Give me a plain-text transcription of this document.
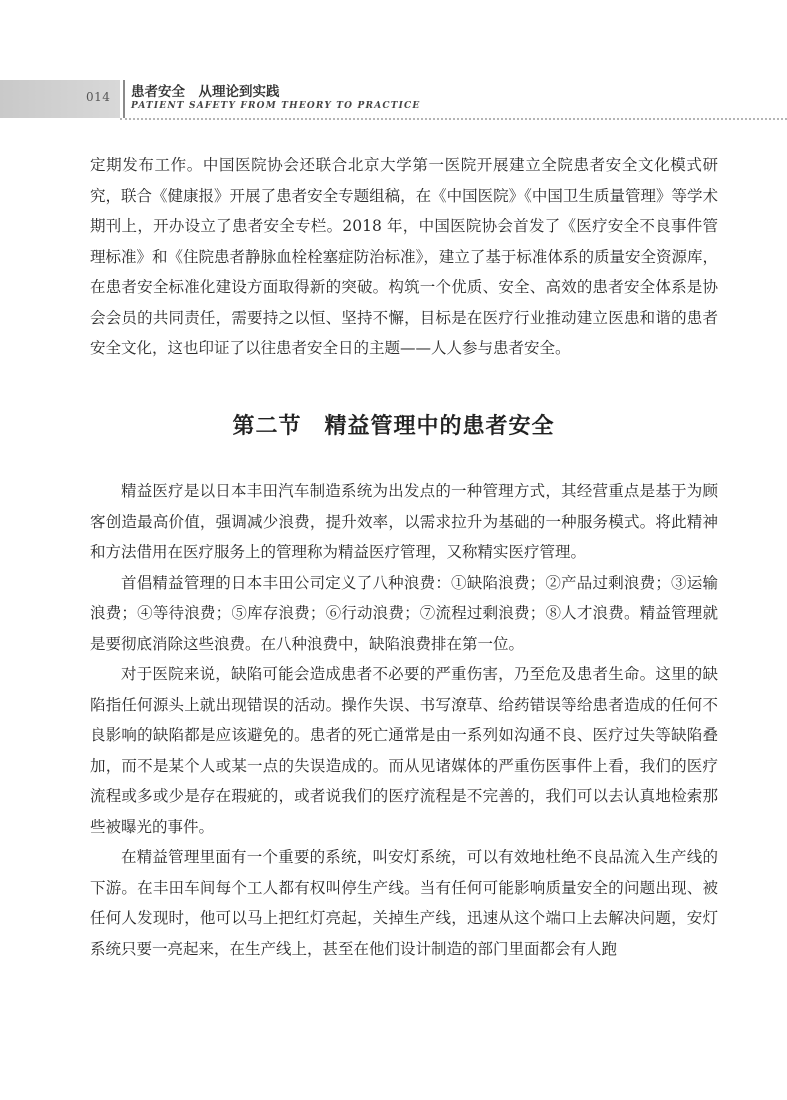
014	患者安全　从理论到实践
PATIENT SAFETY FROM THEORY TO PRACTICE

定期发布工作。中国医院协会还联合北京大学第一医院开展建立全院患者安全文化模式研究，联合《健康报》开展了患者安全专题组稿，在《中国医院》《中国卫生质量管理》等学术期刊上，开办设立了患者安全专栏。2018 年，中国医院协会首发了《医疗安全不良事件管理标准》和《住院患者静脉血栓栓塞症防治标准》，建立了基于标准体系的质量安全资源库，在患者安全标准化建设方面取得新的突破。构筑一个优质、安全、高效的患者安全体系是协会会员的共同责任，需要持之以恒、坚持不懈，目标是在医疗行业推动建立医患和谐的患者安全文化，这也印证了以往患者安全日的主题——人人参与患者安全。

第二节　精益管理中的患者安全

精益医疗是以日本丰田汽车制造系统为出发点的一种管理方式，其经营重点是基于为顾客创造最高价值，强调减少浪费，提升效率，以需求拉升为基础的一种服务模式。将此精神和方法借用在医疗服务上的管理称为精益医疗管理，又称精实医疗管理。

首倡精益管理的日本丰田公司定义了八种浪费：①缺陷浪费；②产品过剩浪费；③运输浪费；④等待浪费；⑤库存浪费；⑥行动浪费；⑦流程过剩浪费；⑧人才浪费。精益管理就是要彻底消除这些浪费。在八种浪费中，缺陷浪费排在第一位。

对于医院来说，缺陷可能会造成患者不必要的严重伤害，乃至危及患者生命。这里的缺陷指任何源头上就出现错误的活动。操作失误、书写潦草、给药错误等给患者造成的任何不良影响的缺陷都是应该避免的。患者的死亡通常是由一系列如沟通不良、医疗过失等缺陷叠加，而不是某个人或某一点的失误造成的。而从见诸媒体的严重伤医事件上看，我们的医疗流程或多或少是存在瑕疵的，或者说我们的医疗流程是不完善的，我们可以去认真地检索那些被曝光的事件。

在精益管理里面有一个重要的系统，叫安灯系统，可以有效地杜绝不良品流入生产线的下游。在丰田车间每个工人都有权叫停生产线。当有任何可能影响质量安全的问题出现、被任何人发现时，他可以马上把红灯亮起，关掉生产线，迅速从这个端口上去解决问题，安灯系统只要一亮起来，在生产线上，甚至在他们设计制造的部门里面都会有人跑
